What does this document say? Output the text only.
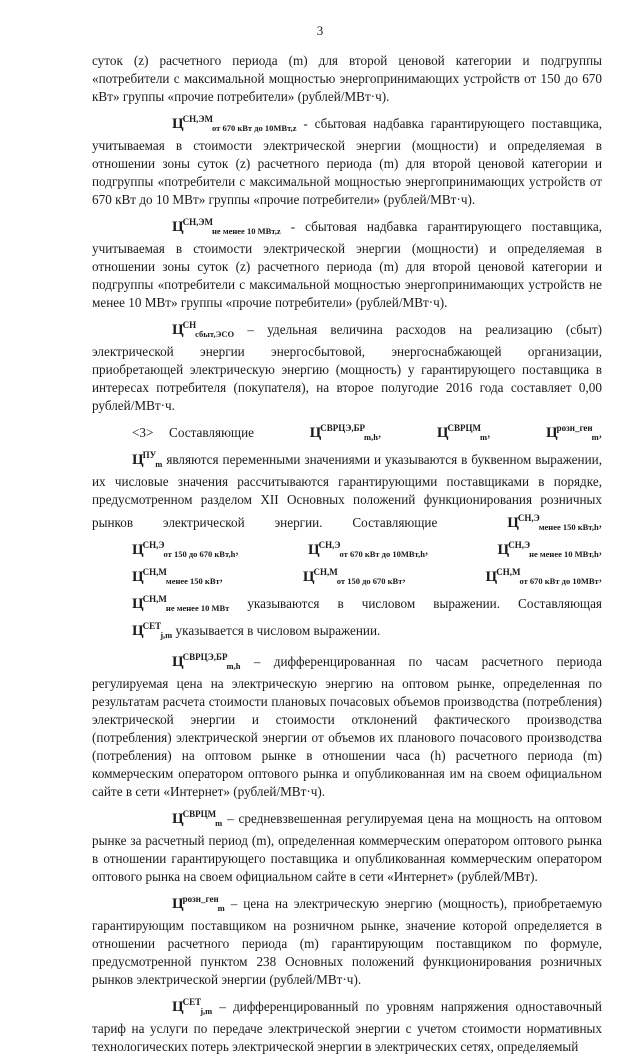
3

суток (z) расчетного периода (m) для второй ценовой категории и подгруппы «потребители с максимальной мощностью энергопринимающих устройств от 150 до 670 кВт» группы «прочие потребители» (рублей/МВт·ч).

$Ц^{СН,ЭМ}_{от 670 кВт до 10МВт,z}$ - сбытовая надбавка гарантирующего поставщика, учитываемая в стоимости электрической энергии (мощности) и определяемая в отношении зоны суток (z) расчетного периода (m) для второй ценовой категории и подгруппы «потребители с максимальной мощностью энергопринимающих устройств от 670 кВт до 10 МВт» группы «прочие потребители» (рублей/МВт·ч).

$Ц^{СН,ЭМ}_{не менее 10 МВт,z}$ - сбытовая надбавка гарантирующего поставщика, учитываемая в стоимости электрической энергии (мощности) и определяемая в отношении зоны суток (z) расчетного периода (m) для второй ценовой категории и подгруппы «потребители с максимальной мощностью энергопринимающих устройств не менее 10 МВт» группы «прочие потребители» (рублей/МВт·ч).

$Ц^{СН}_{сбыт,ЭСО}$ – удельная величина расходов на реализацию (сбыт) электрической энергии энергосбытовой, энергоснабжающей организации, приобретающей электрическую энергию (мощность) у гарантирующего поставщика в интересах потребителя (покупателя), на второе полугодие 2016 года составляет 0,00 рублей/МВт·ч.

<3> Составляющие	$Ц^{СВРЦЭ,БР}_{m,h}$,	$Ц^{СВРЦМ}_m$,	$Ц^{розн\_ген}_m$, $Ц^{ПУ}_m$ являются переменными значениями и указываются в буквенном выражении, их числовые значения рассчитываются гарантирующими поставщиками в порядке, предусмотренном разделом XII Основных положений функционирования розничных рынков электрической энергии. Составляющие	$Ц^{СН,Э}_{менее 150 кВт,h}$, $Ц^{СН,Э}_{от 150 до 670 кВт,h}$,	$Ц^{СН,Э}_{от 670 кВт до 10МВт,h}$,	$Ц^{СН,Э}_{не менее 10 МВт,h}$, $Ц^{СН,М}_{менее 150 кВт}$,	$Ц^{СН,М}_{от 150 до 670 кВт}$,	$Ц^{СН,М}_{от 670 кВт до 10МВт}$, $Ц^{СН,М}_{не менее 10 МВт}$ указываются в числовом выражении. Составляющая $Ц^{СЕТ}_{j,m}$ указывается в числовом выражении.

$Ц^{СВРЦЭ,БР}_{m,h}$ – дифференцированная по часам расчетного периода регулируемая цена на электрическую энергию на оптовом рынке, определенная по результатам расчета стоимости плановых почасовых объемов производства (потребления) электрической энергии и стоимости отклонений фактического производства (потребления) электрической энергии от объемов их планового почасового производства (потребления) на оптовом рынке в отношении часа (h) расчетного периода (m) коммерческим оператором оптового рынка и опубликованная им на своем официальном сайте в сети «Интернет» (рублей/МВт·ч).

$Ц^{СВРЦМ}_m$ – средневзвешенная регулируемая цена на мощность на оптовом рынке за расчетный период (m), определенная коммерческим оператором оптового рынка в отношении гарантирующего поставщика и опубликованная коммерческим оператором оптового рынка на своем официальном сайте в сети «Интернет» (рублей/МВт).

$Ц^{розн\_ген}_m$ – цена на электрическую энергию (мощность), приобретаемую гарантирующим поставщиком на розничном рынке, значение которой определяется в отношении расчетного периода (m) гарантирующим поставщиком по формуле, предусмотренной пунктом 238 Основных положений функционирования розничных рынков электрической энергии (рублей/МВт·ч).

$Ц^{СЕТ}_{j,m}$ – дифференцированный по уровням напряжения одноставочный тариф на услуги по передаче электрической энергии с учетом стоимости нормативных технологических потерь электрической энергии в электрических сетях, определяемый
